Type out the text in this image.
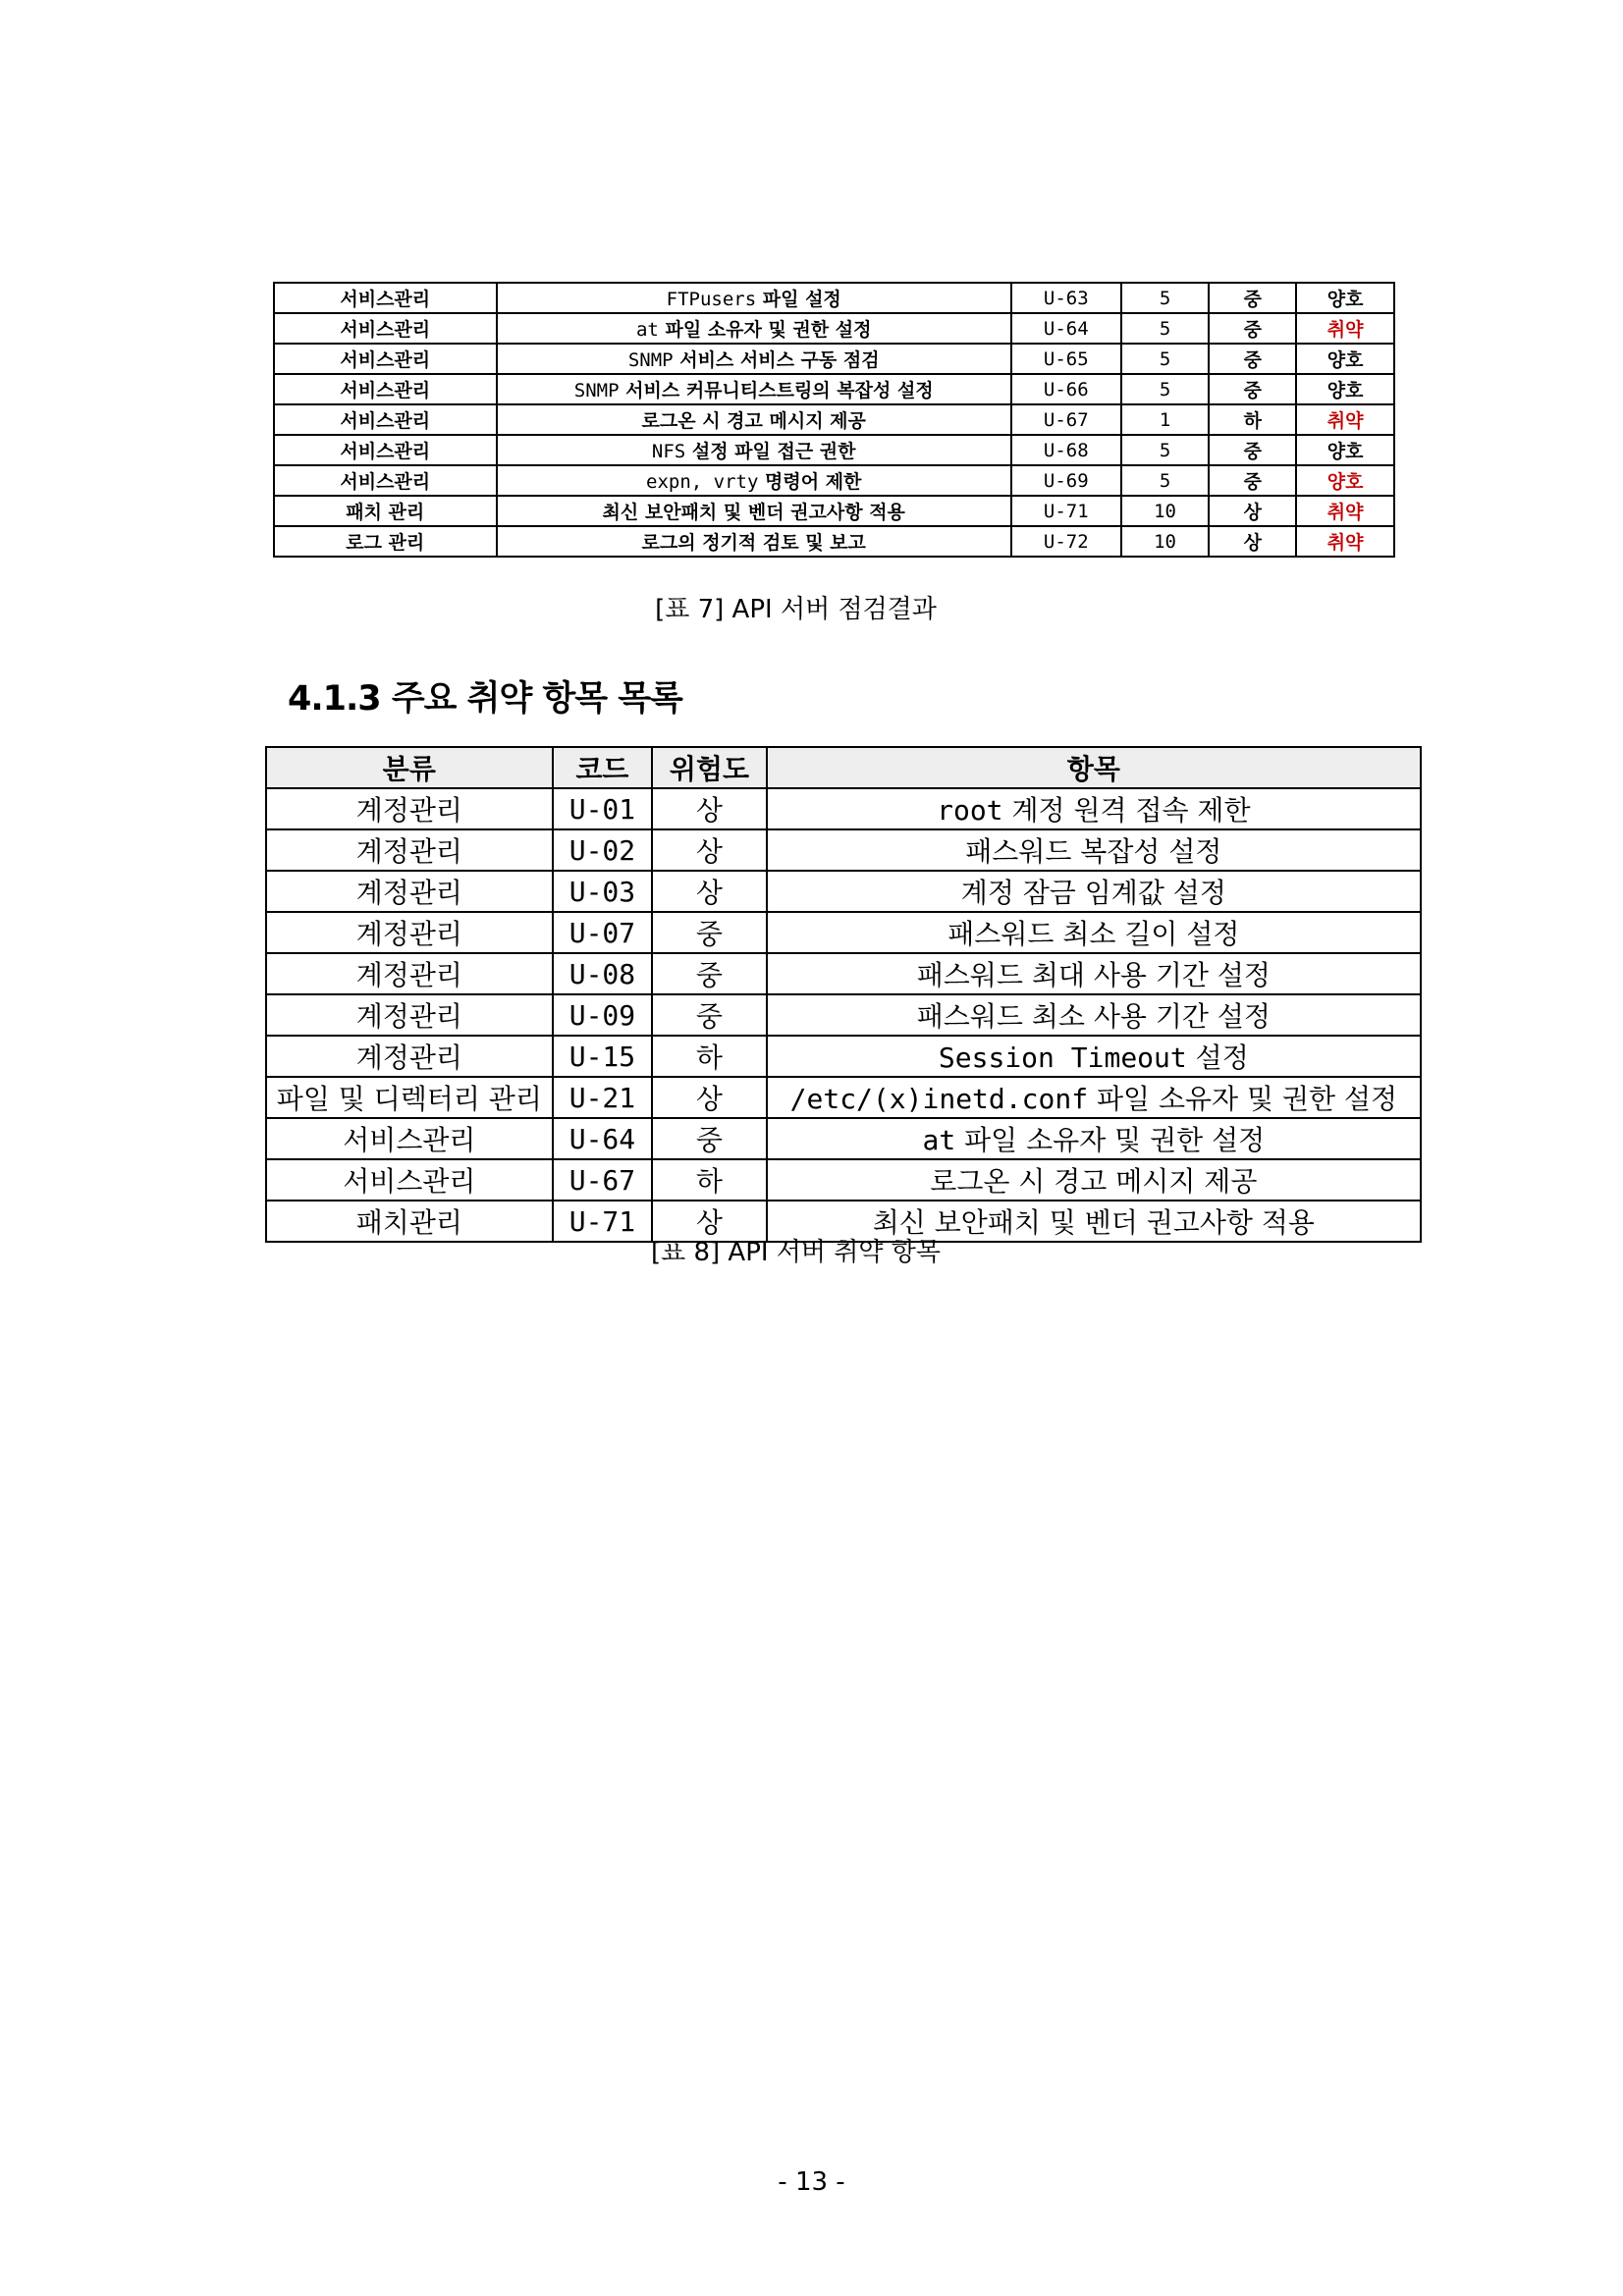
서비스관리	FTPusers 파일 설정	U-63	5	중	양호
서비스관리	at 파일 소유자 및 권한 설정	U-64	5	중	취약
서비스관리	SNMP 서비스 서비스 구동 점검	U-65	5	중	양호
서비스관리	SNMP 서비스 커뮤니티스트링의 복잡성 설정	U-66	5	중	양호
서비스관리	로그온 시 경고 메시지 제공	U-67	1	하	취약
서비스관리	NFS 설정 파일 접근 권한	U-68	5	중	양호
서비스관리	expn, vrty 명령어 제한	U-69	5	중	양호
패치 관리	최신 보안패치 및 벤더 권고사항 적용	U-71	10	상	취약
로그 관리	로그의 정기적 검토 및 보고	U-72	10	상	취약
[표 7] API 서버 점검결과
4.1.3 주요 취약 항목 목록
분류	코드	위험도	항목
계정관리	U-01	상	root 계정 원격 접속 제한
계정관리	U-02	상	패스워드 복잡성 설정
계정관리	U-03	상	계정 잠금 임계값 설정
계정관리	U-07	중	패스워드 최소 길이 설정
계정관리	U-08	중	패스워드 최대 사용 기간 설정
계정관리	U-09	중	패스워드 최소 사용 기간 설정
계정관리	U-15	하	Session Timeout 설정
파일 및 디렉터리 관리	U-21	상	/etc/(x)inetd.conf 파일 소유자 및 권한 설정
서비스관리	U-64	중	at 파일 소유자 및 권한 설정
서비스관리	U-67	하	로그온 시 경고 메시지 제공
패치관리	U-71	상	최신 보안패치 및 벤더 권고사항 적용
[표 8] API 서버 취약 항목
- 13 -
